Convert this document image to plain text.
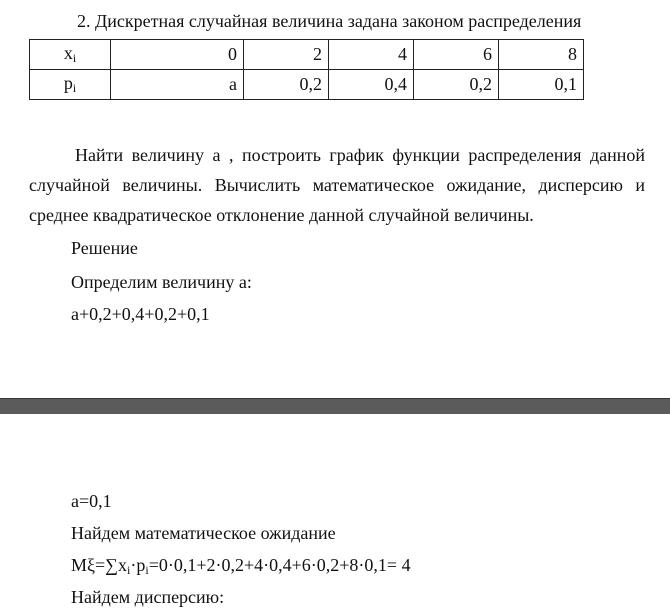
2. Дискретная случайная величина задана законом распределения
$x_i$	0	2	4	6	8
$p_i$	a	0,2	0,4	0,2	0,1
Найти величину а , построить график функции распределения данной
случайной величины. Вычислить математическое ожидание, дисперсию и
среднее квадратическое отклонение данной случайной величины.
Решение
Определим величину а:
a+0,2+0,4+0,2+0,1
a=0,1
Найдем математическое ожидание
$M\xi=\sum x_i\cdot p_i=0\cdot 0,1+2\cdot 0,2+4\cdot 0,4+6\cdot 0,2+8\cdot 0,1= 4$
Найдем дисперсию:
